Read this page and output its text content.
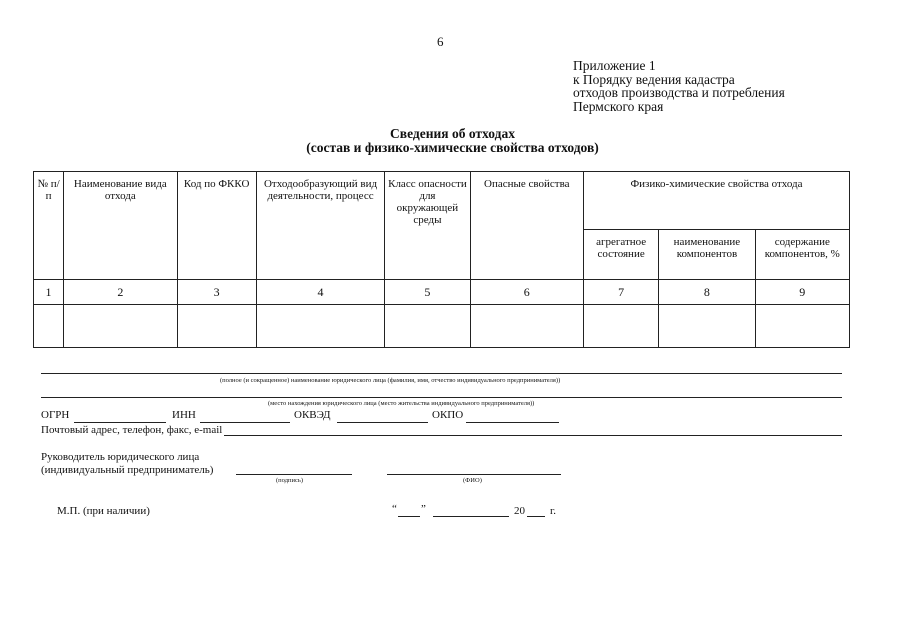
6
Приложение 1
к Порядку ведения кадастра
отходов производства и потребления
Пермского края
Сведения об отходах
(состав и физико-химические свойства отходов)
№ п/п	Наименование вида отхода	Код по ФККО	Отходообразующий вид деятельности, процесс	Класс опасности для окружающей среды	Опасные свойства	Физико-химические свойства отхода		
						агрегатное состояние	наименование компонентов	содержание компонентов, %
1	2	3	4	5	6	7	8	9

(полное (и сокращенное) наименование юридического лица (фамилия, имя, отчество индивидуального предпринимателя))
(место нахождения юридического лица (место жительства индивидуального предпринимателя))
ОГРН	ИНН	ОКВЭД	ОКПО
Почтовый адрес, телефон, факс, e-mail
Руководитель юридического лица
(индивидуальный предприниматель)
(подпись)	(ФИО)
М.П. (при наличии)	“ ”	20 г.
